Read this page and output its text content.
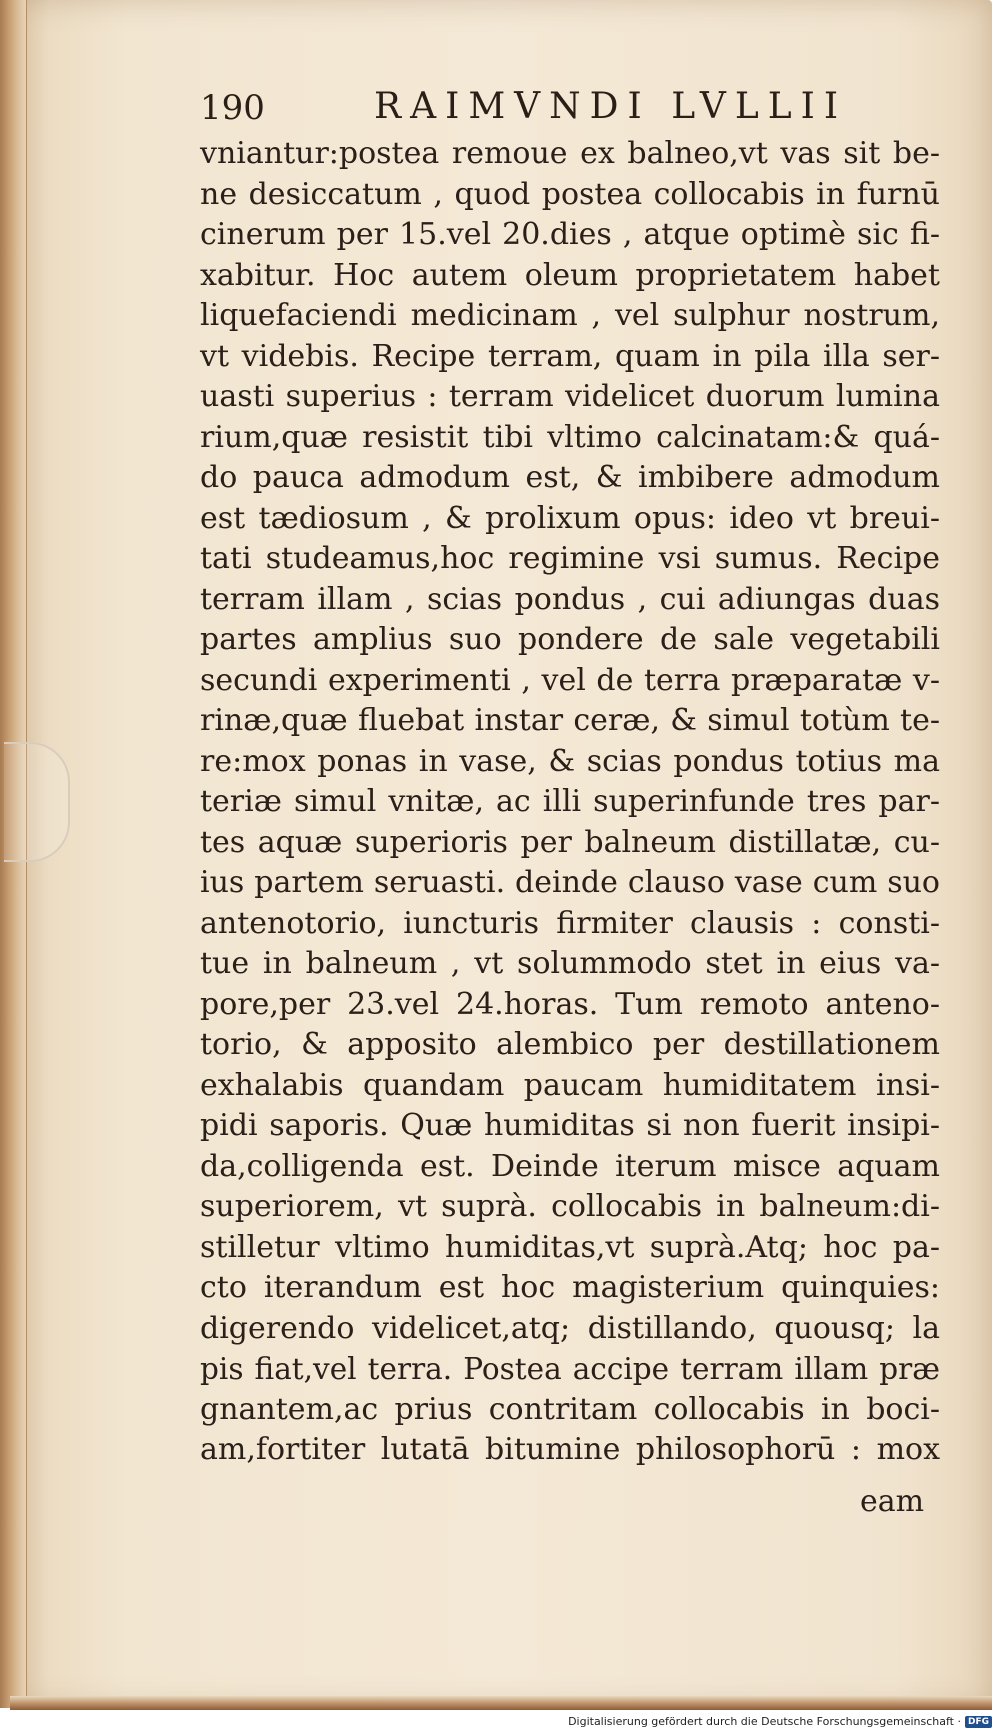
190	RAIMVNDI LVLLII
vniantur:postea remoue ex balneo,vt vas sit be-
ne desiccatum , quod postea collocabis in furnū
cinerum per 15.vel 20.dies , atque optimè sic fi-
xabitur. Hoc autem oleum proprietatem habet
liquefaciendi medicinam , vel sulphur nostrum,
vt videbis. Recipe terram, quam in pila illa ser-
uasti superius : terram videlicet duorum lumina
rium,quæ resistit tibi vltimo calcinatam:& quá-
do pauca admodum est, & imbibere admodum
est tædiosum , & prolixum opus: ideo vt breui-
tati studeamus,hoc regimine vsi sumus. Recipe
terram illam , scias pondus , cui adiungas duas
partes amplius suo pondere de sale vegetabili
secundi experimenti , vel de terra præparatæ v-
rinæ,quæ fluebat instar ceræ, & simul totùm te-
re:mox ponas in vase, & scias pondus totius ma
teriæ simul vnitæ, ac illi superinfunde tres par-
tes aquæ superioris per balneum distillatæ, cu-
ius partem seruasti. deinde clauso vase cum suo
antenotorio, iuncturis firmiter clausis : consti-
tue in balneum , vt solummodo stet in eius va-
pore,per 23.vel 24.horas. Tum remoto anteno-
torio, & apposito alembico per destillationem
exhalabis quandam paucam humiditatem insi-
pidi saporis. Quæ humiditas si non fuerit insipi-
da,colligenda est. Deinde iterum misce aquam
superiorem, vt suprà. collocabis in balneum:di-
stilletur vltimo humiditas,vt suprà.Atq; hoc pa-
cto iterandum est hoc magisterium quinquies:
digerendo videlicet,atq; distillando, quousq; la
pis fiat,vel terra. Postea accipe terram illam præ
gnantem,ac prius contritam collocabis in boci-
am,fortiter lutatā bitumine philosophorū : mox
eam
Digitalisierung gefördert durch die Deutsche Forschungsgemeinschaft · DFG
